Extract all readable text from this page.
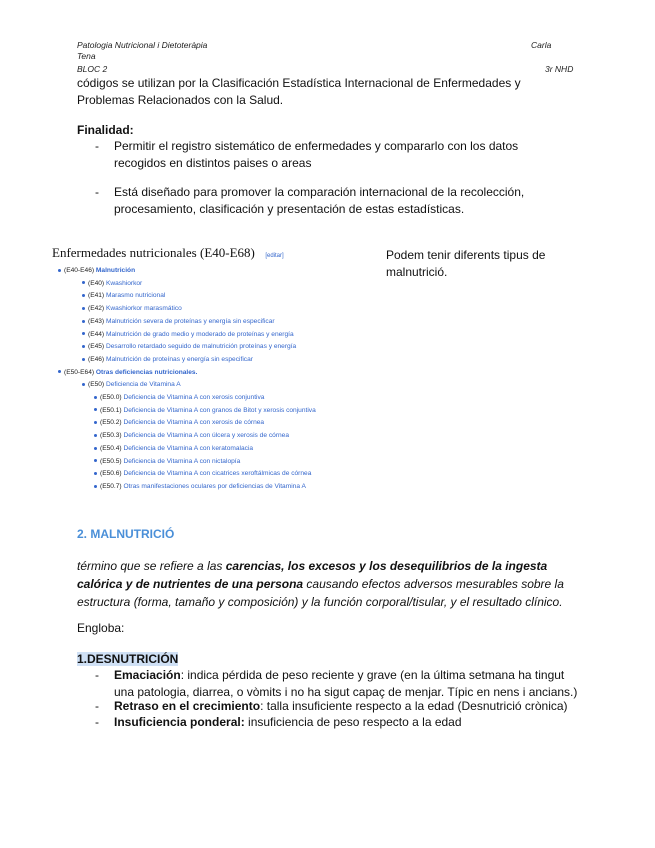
Patologia Nutricional i Dietoteràpia	Carla
Tena
BLOC 2	3r NHD
códigos se utilizan por la Clasificación Estadística Internacional de Enfermedades y Problemas Relacionados con la Salud.
Finalidad:
- Permitir el registro sistemático de enfermedades y compararlo con los datos recogidos en distintos paises o areas
- Está diseñado para promover la comparación internacional de la recolección, procesamiento, clasificación y presentación de estas estadísticas.
Enfermedades nutricionales (E40-E68) [editar]
(E40-E46) Malnutrición
(E40) Kwashiorkor
(E41) Marasmo nutricional
(E42) Kwashiorkor marasmático
(E43) Malnutrición severa de proteínas y energía sin especificar
(E44) Malnutrición de grado medio y moderado de proteínas y energía
(E45) Desarrollo retardado seguido de malnutrición proteínas y energía
(E46) Malnutrición de proteínas y energía sin especificar
(E50-E64) Otras deficiencias nutricionales.
(E50) Deficiencia de Vitamina A
(E50.0) Deficiencia de Vitamina A con xerosis conjuntiva
(E50.1) Deficiencia de Vitamina A con granos de Bitot y xerosis conjuntiva
(E50.2) Deficiencia de Vitamina A con xerosis de córnea
(E50.3) Deficiencia de Vitamina A con úlcera y xerosis de córnea
(E50.4) Deficiencia de Vitamina A con keratomalacia
(E50.5) Deficiencia de Vitamina A con nictalopía
(E50.6) Deficiencia de Vitamina A con cicatrices xeroftálmicas de córnea
(E50.7) Otras manifestaciones oculares por deficiencias de Vitamina A
Podem tenir diferents tipus de malnutrició.
2. MALNUTRICIÓ
término que se refiere a las carencias, los excesos y los desequilibrios de la ingesta calórica y de nutrientes de una persona causando efectos adversos mesurables sobre la estructura (forma, tamaño y composición) y la función corporal/tisular, y el resultado clínico.
Engloba:
1.DESNUTRICIÓN
- Emaciación: indica pérdida de peso reciente y grave (en la última setmana ha tingut una patologia, diarrea, o vòmits i no ha sigut capaç de menjar. Típic en nens i ancians.)
- Retraso en el crecimiento: talla insuficiente respecto a la edad (Desnutrició crònica)
- Insuficiencia ponderal: insuficiencia de peso respecto a la edad
